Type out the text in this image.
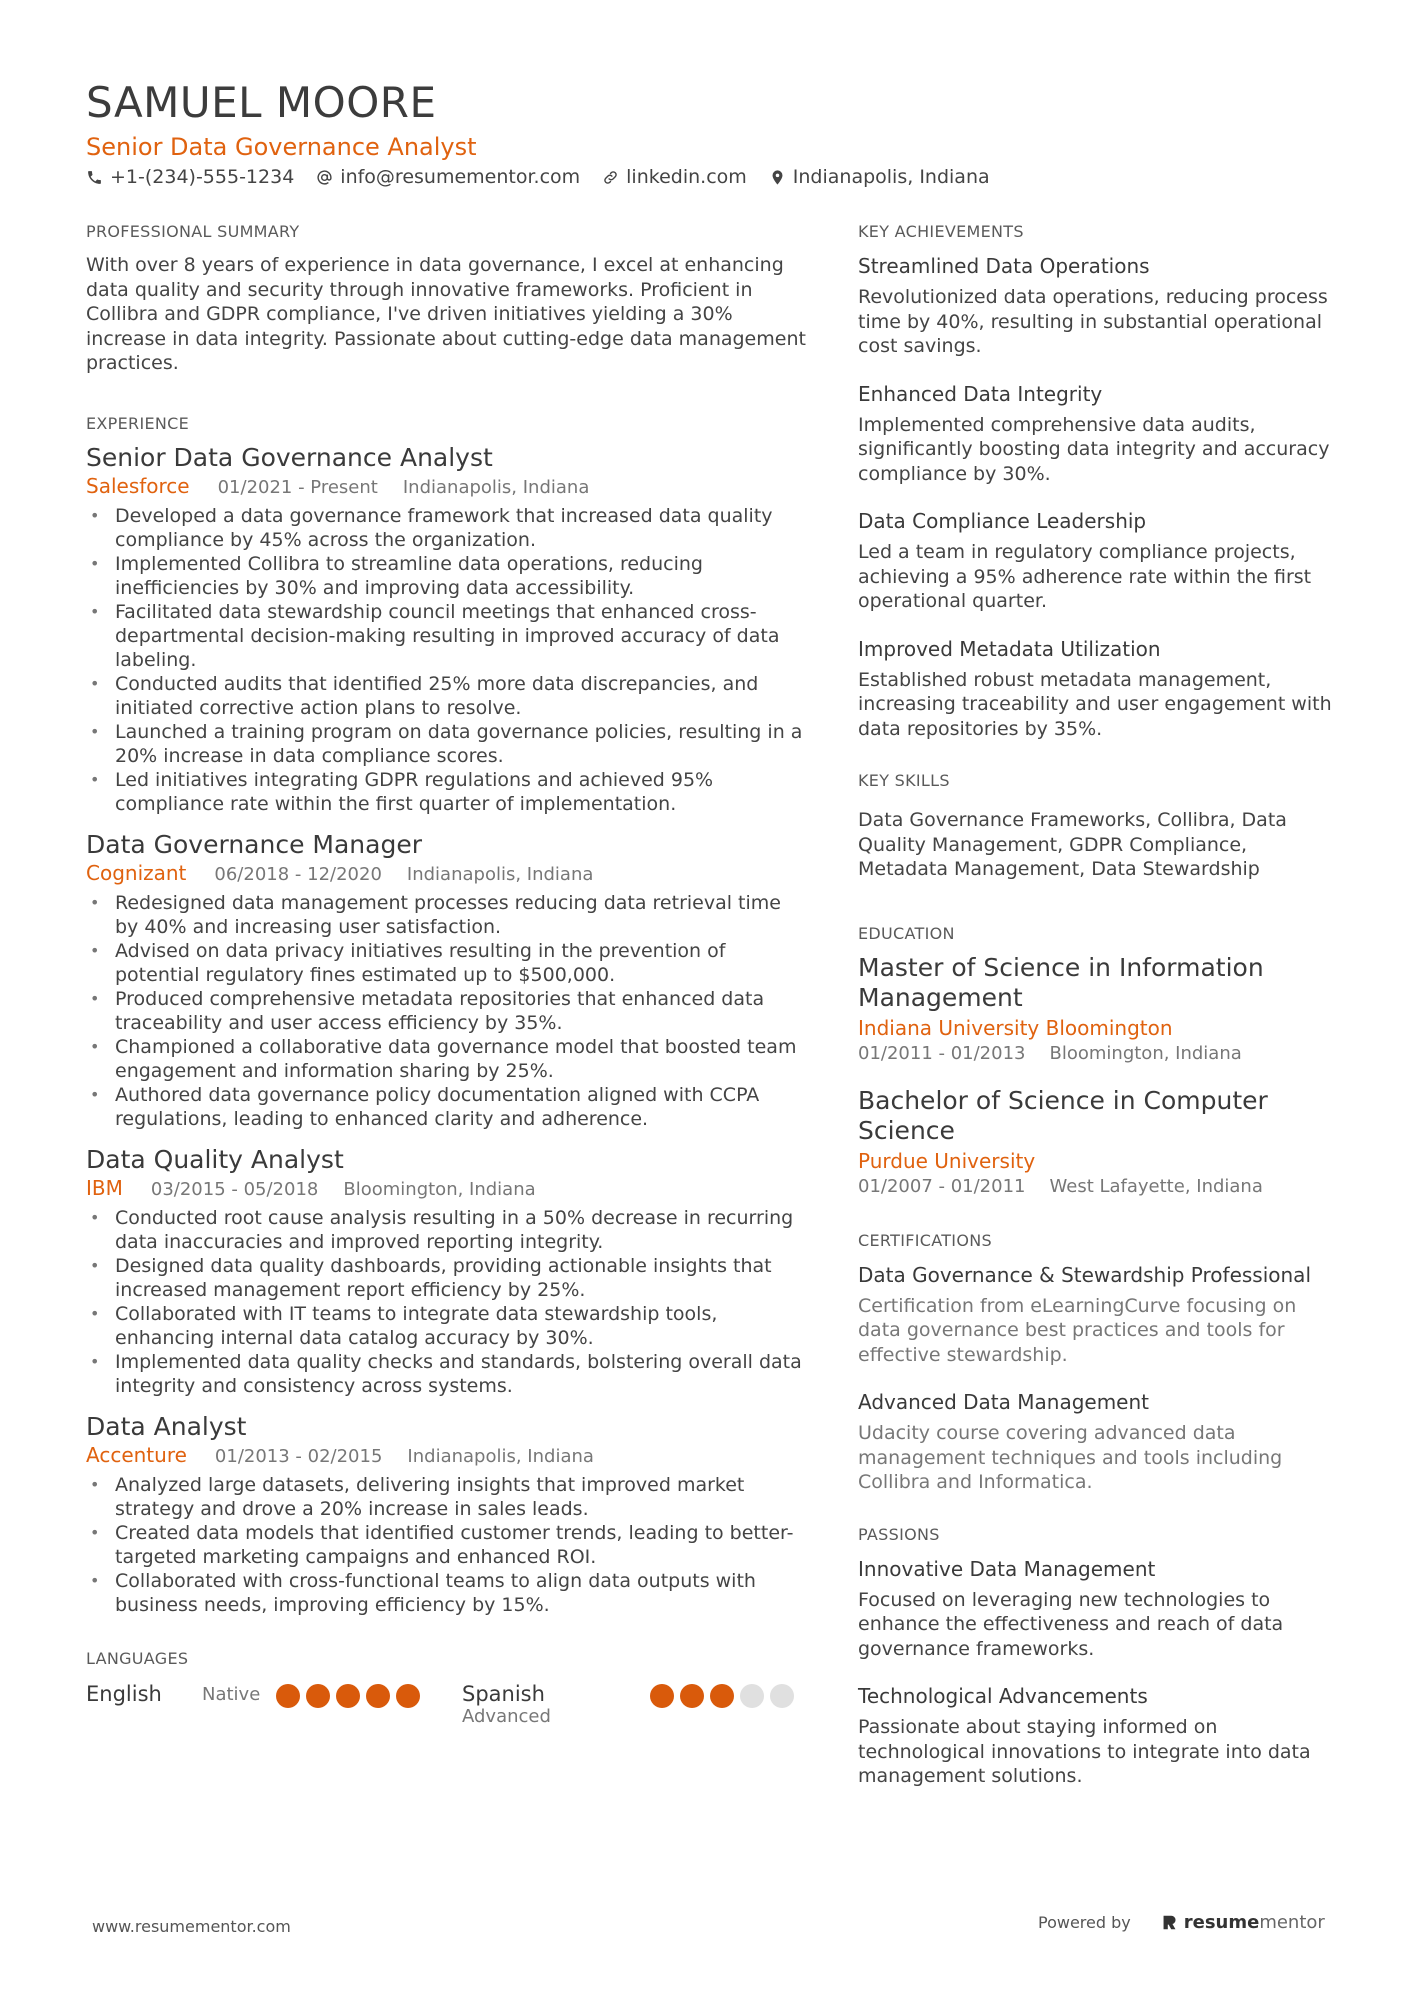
SAMUEL MOORE
Senior Data Governance Analyst
+1-(234)-555-1234 info@resumementor.com linkedin.com Indianapolis, Indiana
PROFESSIONAL SUMMARY
With over 8 years of experience in data governance, I excel at enhancing data quality and security through innovative frameworks. Proficient in Collibra and GDPR compliance, I've driven initiatives yielding a 30% increase in data integrity. Passionate about cutting-edge data management practices.
EXPERIENCE
Senior Data Governance Analyst
Salesforce 01/2021 - Present Indianapolis, Indiana
• Developed a data governance framework that increased data quality compliance by 45% across the organization.
• Implemented Collibra to streamline data operations, reducing inefficiencies by 30% and improving data accessibility.
• Facilitated data stewardship council meetings that enhanced cross-departmental decision-making resulting in improved accuracy of data labeling.
• Conducted audits that identified 25% more data discrepancies, and initiated corrective action plans to resolve.
• Launched a training program on data governance policies, resulting in a 20% increase in data compliance scores.
• Led initiatives integrating GDPR regulations and achieved 95% compliance rate within the first quarter of implementation.
Data Governance Manager
Cognizant 06/2018 - 12/2020 Indianapolis, Indiana
• Redesigned data management processes reducing data retrieval time by 40% and increasing user satisfaction.
• Advised on data privacy initiatives resulting in the prevention of potential regulatory fines estimated up to $500,000.
• Produced comprehensive metadata repositories that enhanced data traceability and user access efficiency by 35%.
• Championed a collaborative data governance model that boosted team engagement and information sharing by 25%.
• Authored data governance policy documentation aligned with CCPA regulations, leading to enhanced clarity and adherence.
Data Quality Analyst
IBM 03/2015 - 05/2018 Bloomington, Indiana
• Conducted root cause analysis resulting in a 50% decrease in recurring data inaccuracies and improved reporting integrity.
• Designed data quality dashboards, providing actionable insights that increased management report efficiency by 25%.
• Collaborated with IT teams to integrate data stewardship tools, enhancing internal data catalog accuracy by 30%.
• Implemented data quality checks and standards, bolstering overall data integrity and consistency across systems.
Data Analyst
Accenture 01/2013 - 02/2015 Indianapolis, Indiana
• Analyzed large datasets, delivering insights that improved market strategy and drove a 20% increase in sales leads.
• Created data models that identified customer trends, leading to better-targeted marketing campaigns and enhanced ROI.
• Collaborated with cross-functional teams to align data outputs with business needs, improving efficiency by 15%.
LANGUAGES
English	Native	Spanish
Advanced
KEY ACHIEVEMENTS
Streamlined Data Operations
Revolutionized data operations, reducing process time by 40%, resulting in substantial operational cost savings.
Enhanced Data Integrity
Implemented comprehensive data audits, significantly boosting data integrity and accuracy compliance by 30%.
Data Compliance Leadership
Led a team in regulatory compliance projects, achieving a 95% adherence rate within the first operational quarter.
Improved Metadata Utilization
Established robust metadata management, increasing traceability and user engagement with data repositories by 35%.
KEY SKILLS
Data Governance Frameworks, Collibra, Data Quality Management, GDPR Compliance, Metadata Management, Data Stewardship
EDUCATION
Master of Science in Information Management
Indiana University Bloomington
01/2011 - 01/2013 Bloomington, Indiana
Bachelor of Science in Computer Science
Purdue University
01/2007 - 01/2011 West Lafayette, Indiana
CERTIFICATIONS
Data Governance & Stewardship Professional
Certification from eLearningCurve focusing on data governance best practices and tools for effective stewardship.
Advanced Data Management
Udacity course covering advanced data management techniques and tools including Collibra and Informatica.
PASSIONS
Innovative Data Management
Focused on leveraging new technologies to enhance the effectiveness and reach of data governance frameworks.
Technological Advancements
Passionate about staying informed on technological innovations to integrate into data management solutions.
www.resumementor.com	Powered by	resume mentor
